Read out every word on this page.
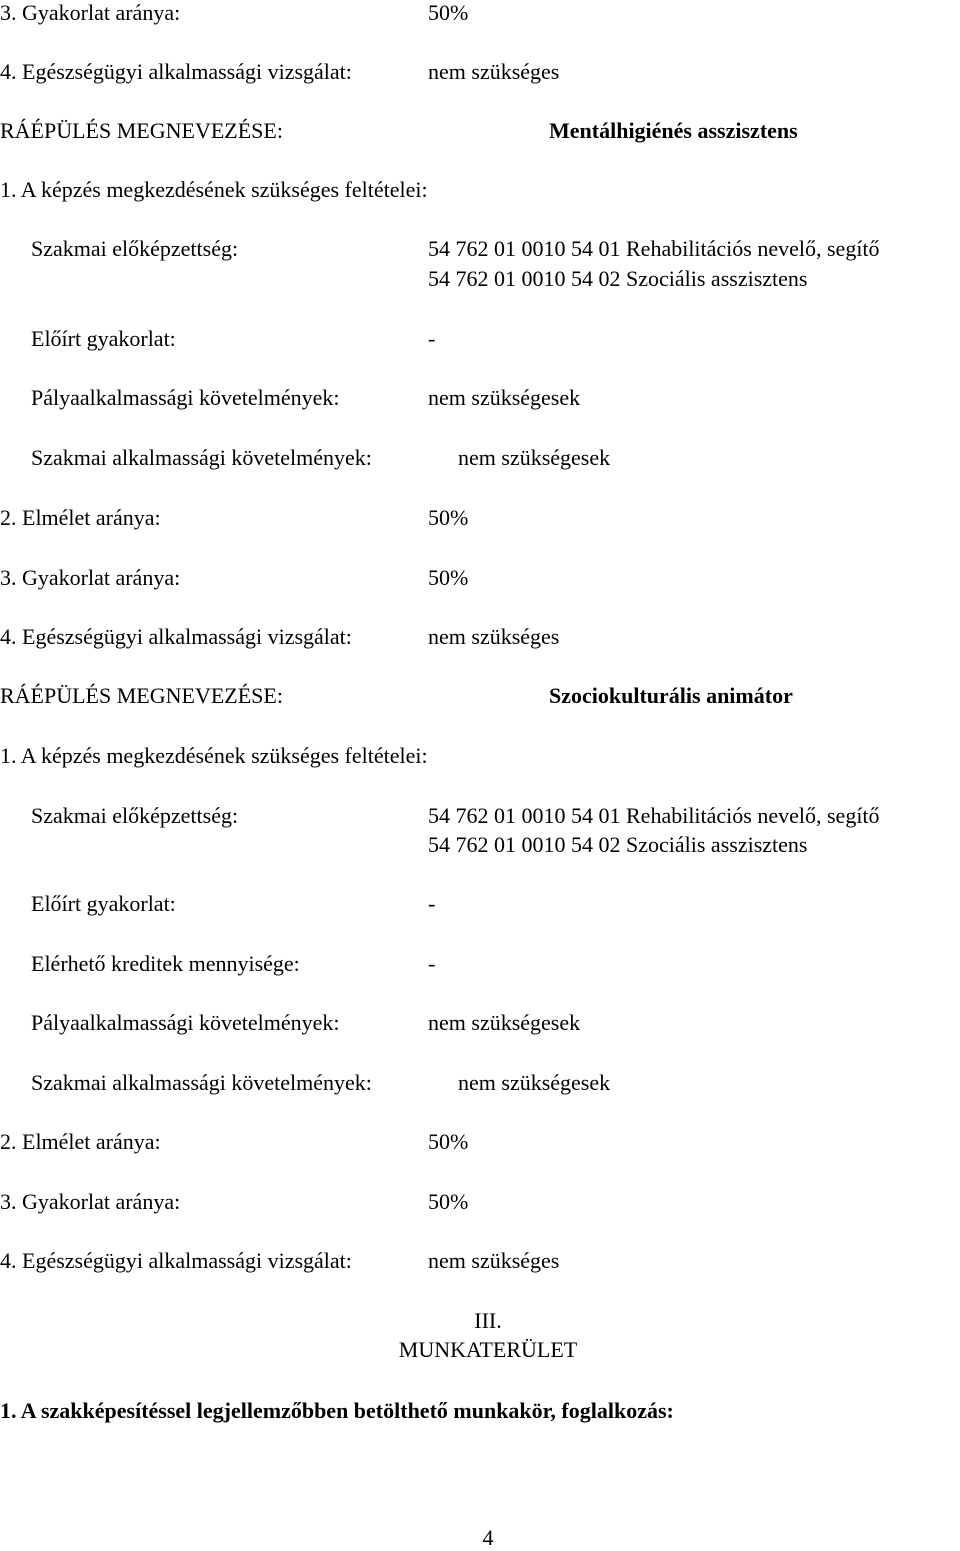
3. Gyakorlat aránya:	50%
4. Egészségügyi alkalmassági vizsgálat:	nem szükséges
RÁÉPÜLÉS MEGNEVEZÉSE:	Mentálhigiénés asszisztens
1. A képzés megkezdésének szükséges feltételei:
Szakmai előképzettség:	54 762 01 0010 54 01 Rehabilitációs nevelő, segítő
54 762 01 0010 54 02 Szociális asszisztens
Előírt gyakorlat:	-
Pályaalkalmassági követelmények:	nem szükségesek
Szakmai alkalmassági követelmények:	nem szükségesek
2. Elmélet aránya:	50%
3. Gyakorlat aránya:	50%
4. Egészségügyi alkalmassági vizsgálat:	nem szükséges
RÁÉPÜLÉS MEGNEVEZÉSE:	Szociokulturális animátor
1. A képzés megkezdésének szükséges feltételei:
Szakmai előképzettség:	54 762 01 0010 54 01 Rehabilitációs nevelő, segítő
54 762 01 0010 54 02 Szociális asszisztens
Előírt gyakorlat:	-
Elérhető kreditek mennyisége:	-
Pályaalkalmassági követelmények:	nem szükségesek
Szakmai alkalmassági követelmények:	nem szükségesek
2. Elmélet aránya:	50%
3. Gyakorlat aránya:	50%
4. Egészségügyi alkalmassági vizsgálat:	nem szükséges
III.
MUNKATERÜLET
1. A szakképesítéssel legjellemzőbben betölthető munkakör, foglalkozás:
4
